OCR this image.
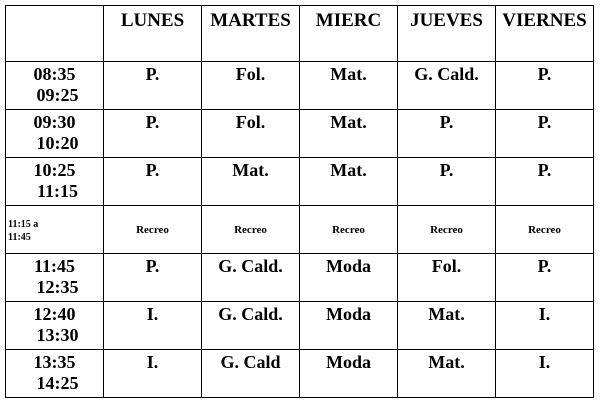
	LUNES	MARTES	MIERC	JUEVES	VIERNES

08:35
09:25	P.	Fol.	Mat.	G. Cald.	P.

09:30
10:20	P.	Fol.	Mat.	P.	P.

10:25
11:15	P.	Mat.	Mat.	P.	P.

11:15 a
11:45	Recreo	Recreo	Recreo	Recreo	Recreo

11:45
12:35	P.	G. Cald.	Moda	Fol.	P.

12:40
13:30	I.	G. Cald.	Moda	Mat.	I.

13:35
14:25	I.	G. Cald	Moda	Mat.	I.
